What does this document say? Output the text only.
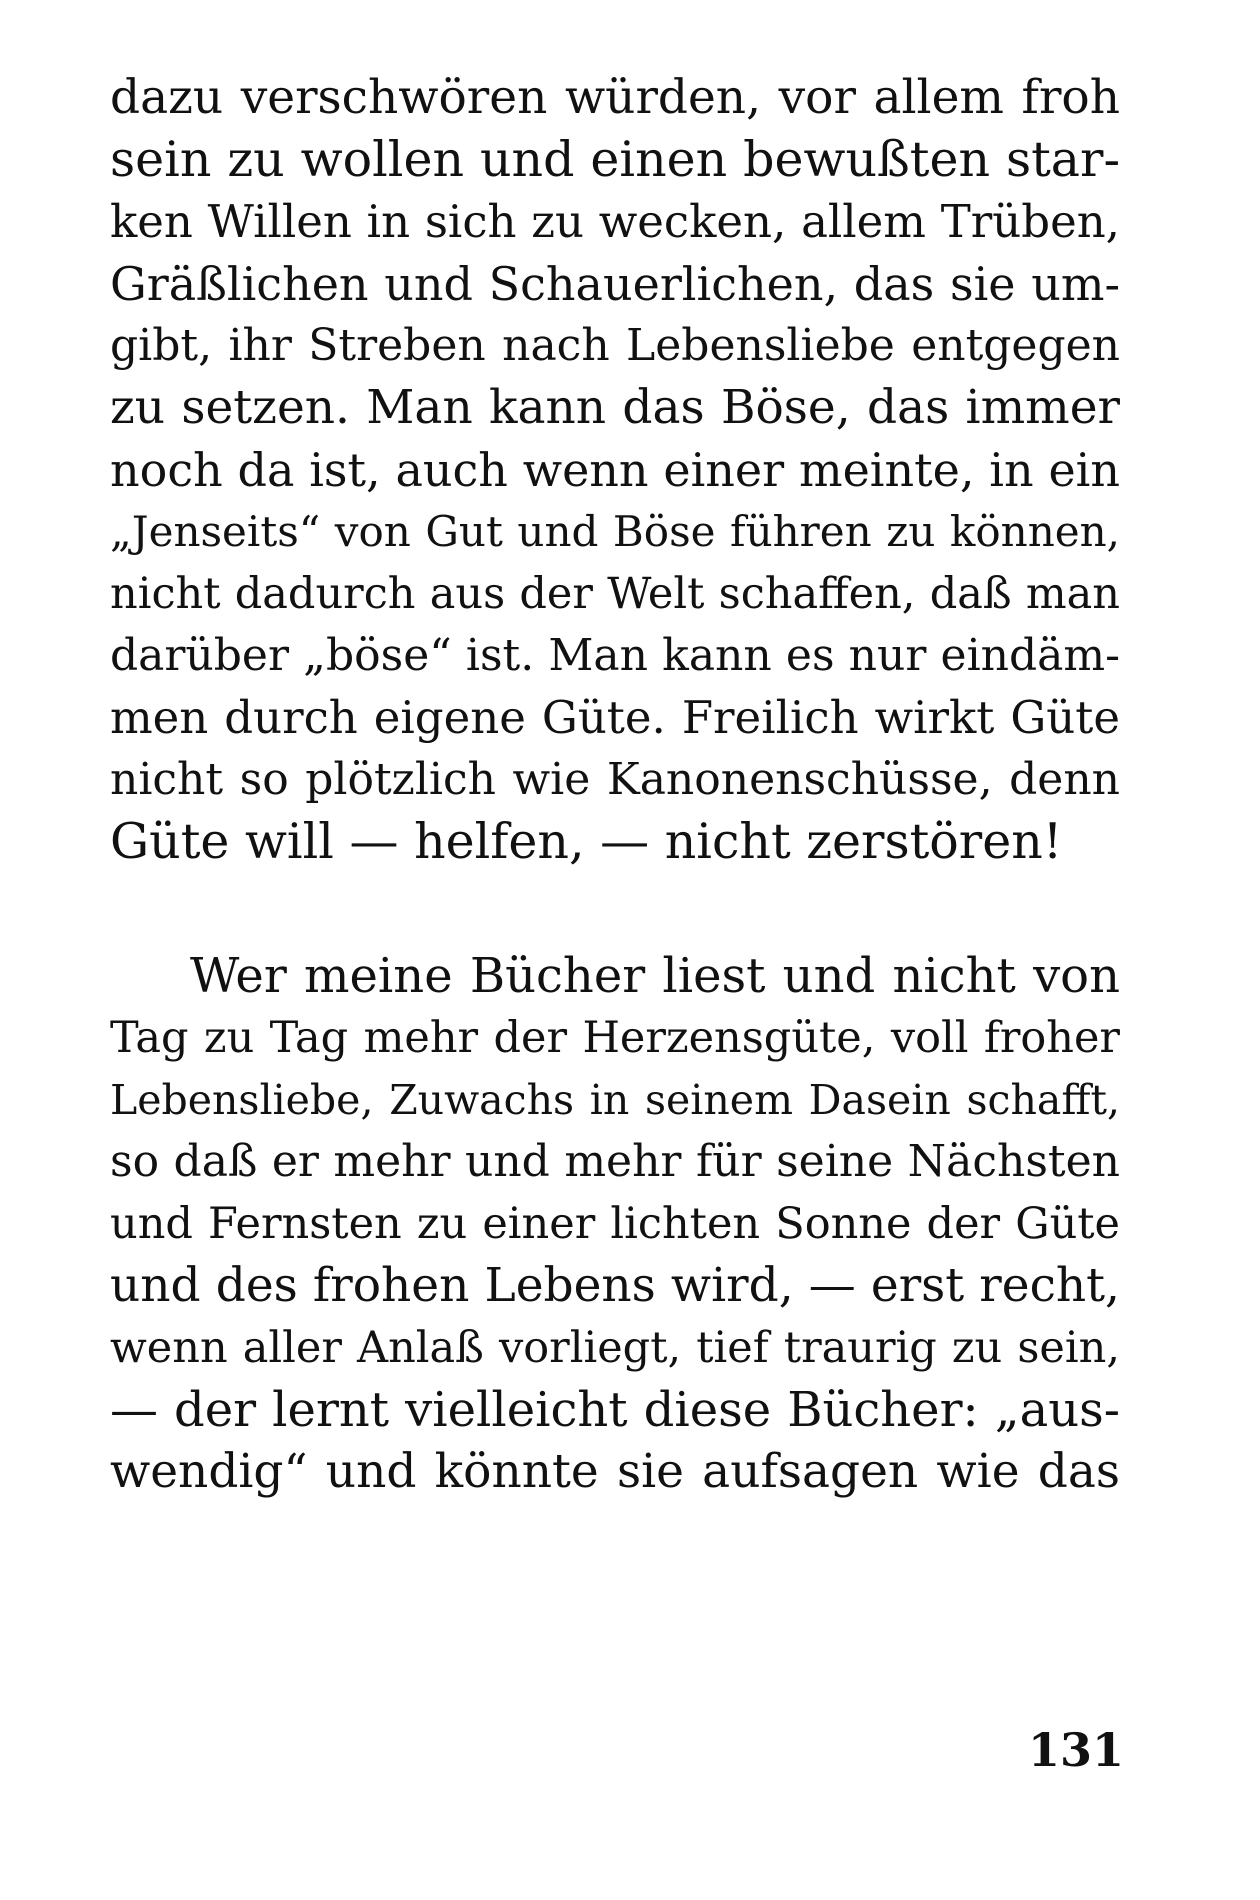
dazu verschwören würden, vor allem froh
sein zu wollen und einen bewußten star-
ken Willen in sich zu wecken, allem Trüben,
Gräßlichen und Schauerlichen, das sie um-
gibt, ihr Streben nach Lebensliebe entgegen
zu setzen. Man kann das Böse, das immer
noch da ist, auch wenn einer meinte, in ein
„Jenseits“ von Gut und Böse führen zu können,
nicht dadurch aus der Welt schaffen, daß man
darüber „böse“ ist. Man kann es nur eindäm-
men durch eigene Güte. Freilich wirkt Güte
nicht so plötzlich wie Kanonenschüsse, denn
Güte will — helfen, — nicht zerstören!
Wer meine Bücher liest und nicht von
Tag zu Tag mehr der Herzensgüte, voll froher
Lebensliebe, Zuwachs in seinem Dasein schafft,
so daß er mehr und mehr für seine Nächsten
und Fernsten zu einer lichten Sonne der Güte
und des frohen Lebens wird, — erst recht,
wenn aller Anlaß vorliegt, tief traurig zu sein,
— der lernt vielleicht diese Bücher: „aus-
wendig“ und könnte sie aufsagen wie das
131
